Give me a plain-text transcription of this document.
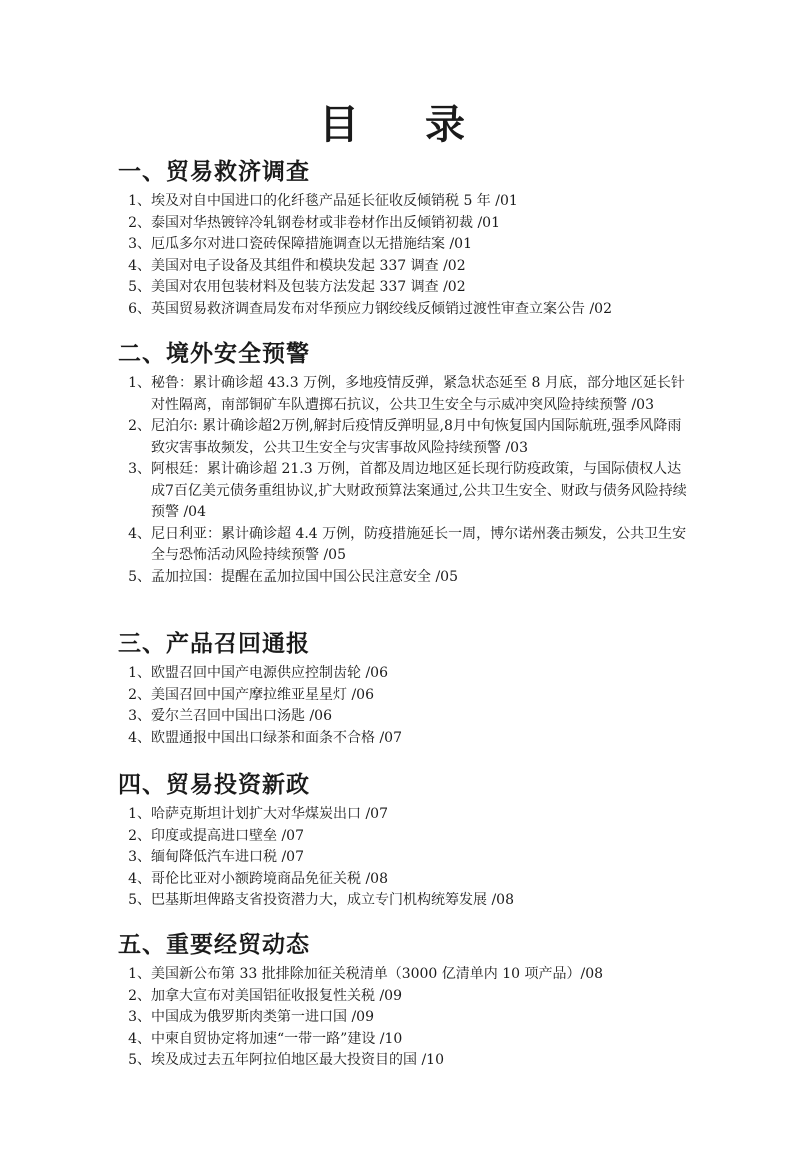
目 录
一、贸易救济调查
1、 埃及对自中国进口的化纤毯产品延长征收反倾销税 5 年 /01
2、 泰国对华热镀锌冷轧钢卷材或非卷材作出反倾销初裁 /01
3、 厄瓜多尔对进口瓷砖保障措施调查以无措施结案 /01
4、 美国对电子设备及其组件和模块发起 337 调查 /02
5、 美国对农用包装材料及包装方法发起 337 调查 /02
6、 英国贸易救济调查局发布对华预应力钢绞线反倾销过渡性审查立案公告 /02
二、境外安全预警
1、 秘鲁：累计确诊超 43.3 万例，多地疫情反弹，紧急状态延至 8 月底，部分地区延长针对性隔离，南部铜矿车队遭掷石抗议，公共卫生安全与示威冲突风险持续预警 /03
2、 尼泊尔: 累计确诊超2万例,解封后疫情反弹明显,8月中旬恢复国内国际航班,强季风降雨致灾害事故频发，公共卫生安全与灾害事故风险持续预警 /03
3、 阿根廷：累计确诊超 21.3 万例，首都及周边地区延长现行防疫政策，与国际债权人达成7百亿美元债务重组协议,扩大财政预算法案通过,公共卫生安全、财政与债务风险持续预警 /04
4、 尼日利亚：累计确诊超 4.4 万例，防疫措施延长一周，博尔诺州袭击频发，公共卫生安全与恐怖活动风险持续预警 /05
5、 孟加拉国：提醒在孟加拉国中国公民注意安全 /05
三、产品召回通报
1、 欧盟召回中国产电源供应控制齿轮 /06
2、 美国召回中国产摩拉维亚星星灯 /06
3、 爱尔兰召回中国出口汤匙 /06
4、 欧盟通报中国出口绿茶和面条不合格 /07
四、贸易投资新政
1、 哈萨克斯坦计划扩大对华煤炭出口 /07
2、 印度或提高进口壁垒 /07
3、 缅甸降低汽车进口税 /07
4、 哥伦比亚对小额跨境商品免征关税 /08
5、 巴基斯坦俾路支省投资潜力大，成立专门机构统筹发展 /08
五、重要经贸动态
1、 美国新公布第 33 批排除加征关税清单（3000 亿清单内 10 项产品）/08
2、 加拿大宣布对美国铝征收报复性关税 /09
3、 中国成为俄罗斯肉类第一进口国 /09
4、 中柬自贸协定将加速“一带一路”建设 /10
5、 埃及成过去五年阿拉伯地区最大投资目的国 /10
